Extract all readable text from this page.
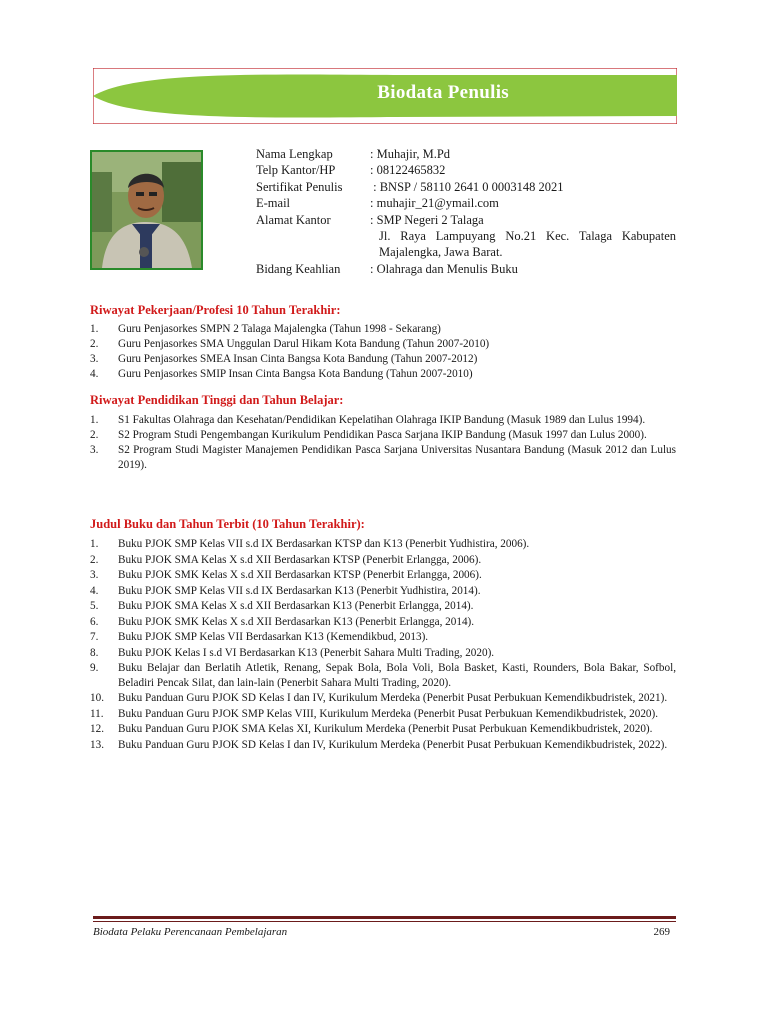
Biodata Penulis
Nama Lengkap	: Muhajir, M.Pd
Telp Kantor/HP	: 08122465832
Sertifikat Penulis	: BNSP / 58110 2641 0 0003148 2021
E-mail	: muhajir_21@ymail.com
Alamat Kantor	: SMP Negeri 2 Talaga
Jl. Raya Lampuyang No.21 Kec. Talaga Kabupaten Majalengka, Jawa Barat.
Bidang Keahlian	: Olahraga dan Menulis Buku
Riwayat Pekerjaan/Profesi 10 Tahun Terakhir:
1.	Guru Penjasorkes SMPN 2 Talaga Majalengka (Tahun 1998 - Sekarang)
2.	Guru Penjasorkes SMA Unggulan Darul Hikam Kota Bandung (Tahun 2007-2010)
3.	Guru Penjasorkes SMEA Insan Cinta Bangsa Kota Bandung (Tahun 2007-2012)
4.	Guru Penjasorkes SMIP Insan Cinta Bangsa Kota Bandung (Tahun 2007-2010)
Riwayat Pendidikan Tinggi dan Tahun Belajar:
1.	S1 Fakultas Olahraga dan Kesehatan/Pendidikan Kepelatihan Olahraga IKIP Bandung (Masuk 1989 dan Lulus 1994).
2.	S2 Program Studi Pengembangan Kurikulum Pendidikan Pasca Sarjana IKIP Bandung (Masuk 1997 dan Lulus 2000).
3.	S2 Program Studi Magister Manajemen Pendidikan Pasca Sarjana Universitas Nusantara Bandung (Masuk 2012 dan Lulus 2019).
Judul Buku dan Tahun Terbit (10 Tahun Terakhir):
1.	Buku PJOK SMP Kelas VII s.d IX Berdasarkan KTSP dan K13 (Penerbit Yudhistira, 2006).
2.	Buku PJOK SMA Kelas X s.d XII Berdasarkan KTSP (Penerbit Erlangga, 2006).
3.	Buku PJOK SMK Kelas X s.d XII Berdasarkan KTSP (Penerbit Erlangga, 2006).
4.	Buku PJOK SMP Kelas VII s.d IX Berdasarkan K13 (Penerbit Yudhistira, 2014).
5.	Buku PJOK SMA Kelas X s.d XII Berdasarkan K13 (Penerbit Erlangga, 2014).
6.	Buku PJOK SMK Kelas X s.d XII Berdasarkan K13 (Penerbit Erlangga, 2014).
7.	Buku PJOK SMP Kelas VII Berdasarkan K13 (Kemendikbud, 2013).
8.	Buku PJOK Kelas I s.d VI Berdasarkan K13 (Penerbit Sahara Multi Trading, 2020).
9.	Buku Belajar dan Berlatih Atletik, Renang, Sepak Bola, Bola Voli, Bola Basket, Kasti, Rounders, Bola Bakar, Sofbol, Beladiri Pencak Silat, dan lain-lain (Penerbit Sahara Multi Trading, 2020).
10.	Buku Panduan Guru PJOK SD Kelas I dan IV, Kurikulum Merdeka (Penerbit Pusat Perbukuan Kemendikbudristek, 2021).
11.	Buku Panduan Guru PJOK SMP Kelas VIII, Kurikulum Merdeka (Penerbit Pusat Perbukuan Kemendikbudristek, 2020).
12.	Buku Panduan Guru PJOK SMA Kelas XI, Kurikulum Merdeka (Penerbit Pusat Perbukuan Kemendikbudristek, 2020).
13.	Buku Panduan Guru PJOK SD Kelas I dan IV, Kurikulum Merdeka (Penerbit Pusat Perbukuan Kemendikbudristek, 2022).
Biodata Pelaku Perencanaan Pembelajaran	269
